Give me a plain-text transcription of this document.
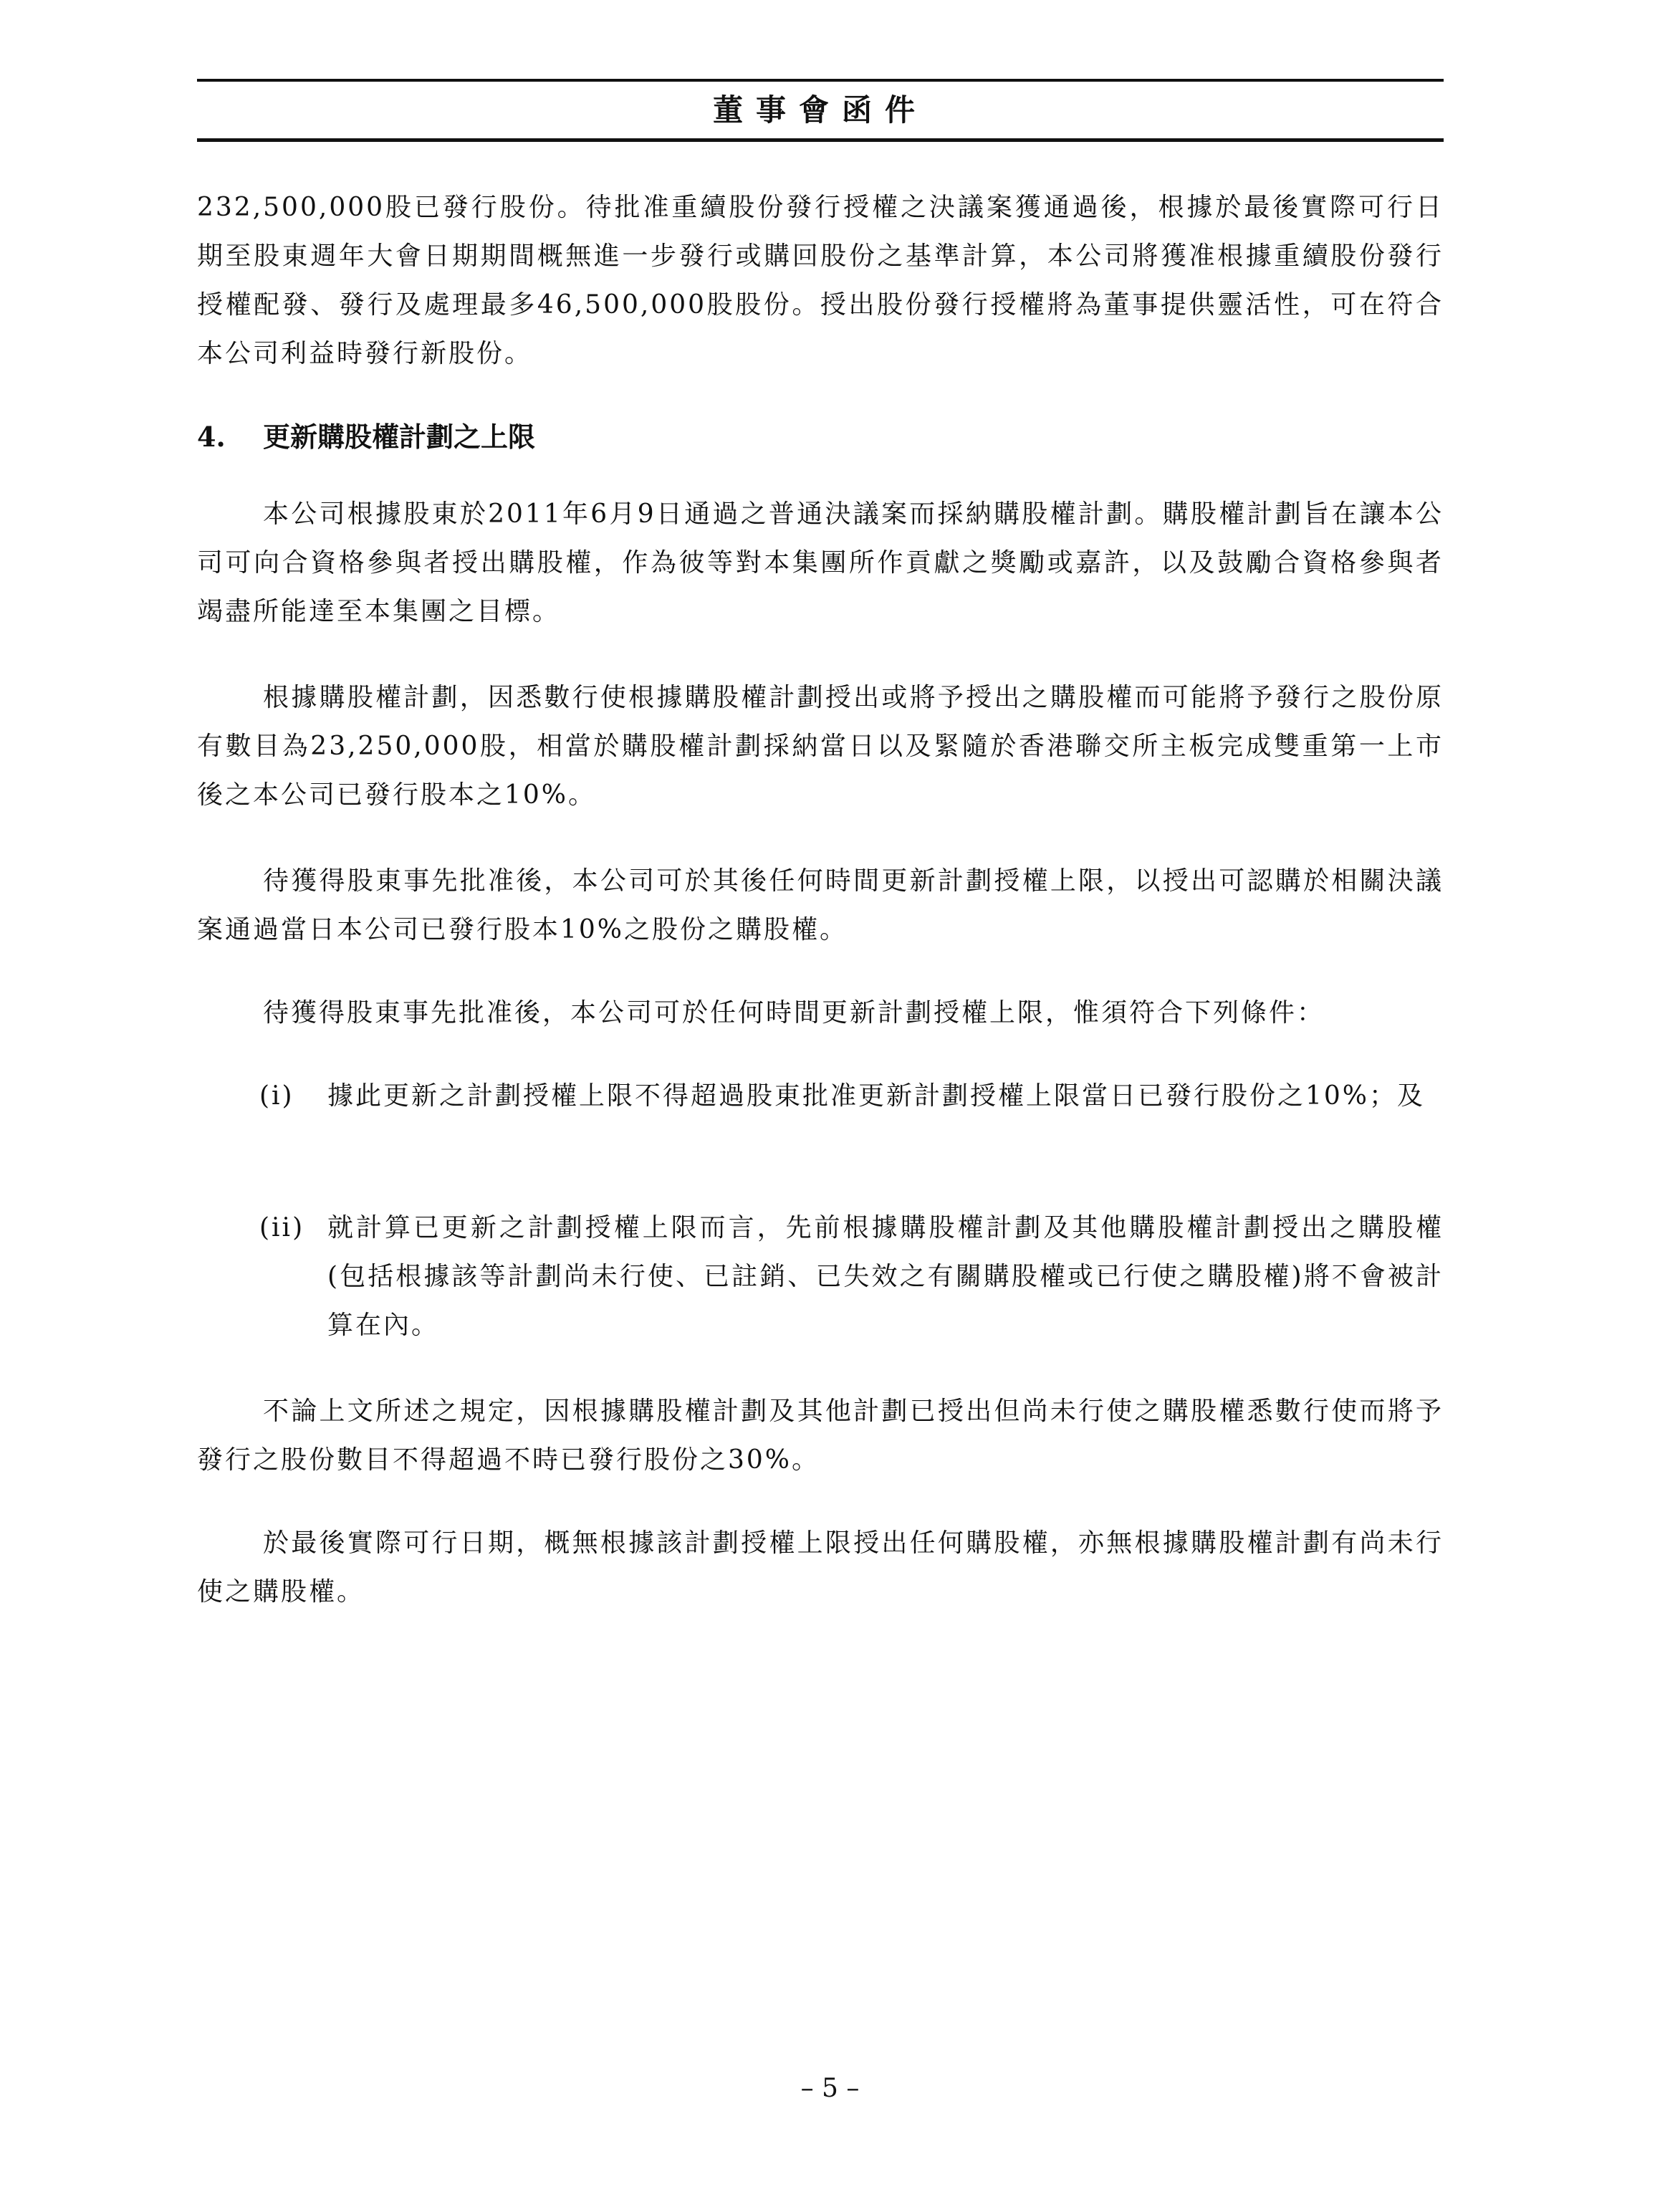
董事會函件
232,500,000股已發行股份。待批准重續股份發行授權之決議案獲通過後，根據於最後實際可行日期至股東週年大會日期期間概無進一步發行或購回股份之基準計算，本公司將獲准根據重續股份發行授權配發、發行及處理最多46,500,000股股份。授出股份發行授權將為董事提供靈活性，可在符合本公司利益時發行新股份。
4. 更新購股權計劃之上限
本公司根據股東於2011年6月9日通過之普通決議案而採納購股權計劃。購股權計劃旨在讓本公司可向合資格參與者授出購股權，作為彼等對本集團所作貢獻之獎勵或嘉許，以及鼓勵合資格參與者竭盡所能達至本集團之目標。
根據購股權計劃，因悉數行使根據購股權計劃授出或將予授出之購股權而可能將予發行之股份原有數目為23,250,000股，相當於購股權計劃採納當日以及緊隨於香港聯交所主板完成雙重第一上市後之本公司已發行股本之10%。
待獲得股東事先批准後，本公司可於其後任何時間更新計劃授權上限，以授出可認購於相關決議案通過當日本公司已發行股本10%之股份之購股權。
待獲得股東事先批准後，本公司可於任何時間更新計劃授權上限，惟須符合下列條件：
(i)	據此更新之計劃授權上限不得超過股東批准更新計劃授權上限當日已發行股份之10%；及
(ii) 就計算已更新之計劃授權上限而言，先前根據購股權計劃及其他購股權計劃授出之購股權(包括根據該等計劃尚未行使、已註銷、已失效之有關購股權或已行使之購股權)將不會被計算在內。
不論上文所述之規定，因根據購股權計劃及其他計劃已授出但尚未行使之購股權悉數行使而將予發行之股份數目不得超過不時已發行股份之30%。
於最後實際可行日期，概無根據該計劃授權上限授出任何購股權，亦無根據購股權計劃有尚未行使之購股權。
– 5 –
